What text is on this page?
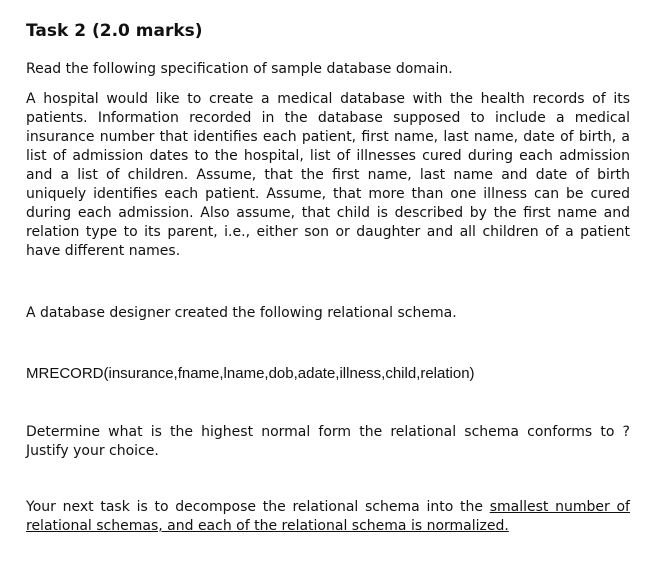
Task 2 (2.0 marks)

Read the following specification of sample database domain.

A hospital would like to create a medical database with the health records of its patients. Information recorded in the database supposed to include a medical insurance number that identifies each patient, first name, last name, date of birth, a list of admission dates to the hospital, list of illnesses cured during each admission and a list of children. Assume, that the first name, last name and date of birth uniquely identifies each patient. Assume, that more than one illness can be cured during each admission. Also assume, that child is described by the first name and relation type to its parent, i.e., either son or daughter and all children of a patient have different names.

A database designer created the following relational schema.

MRECORD(insurance,fname,lname,dob,adate,illness,child,relation)

Determine what is the highest normal form the relational schema conforms to ? Justify your choice.

Your next task is to decompose the relational schema into the smallest number of relational schemas, and each of the relational schema is normalized.
